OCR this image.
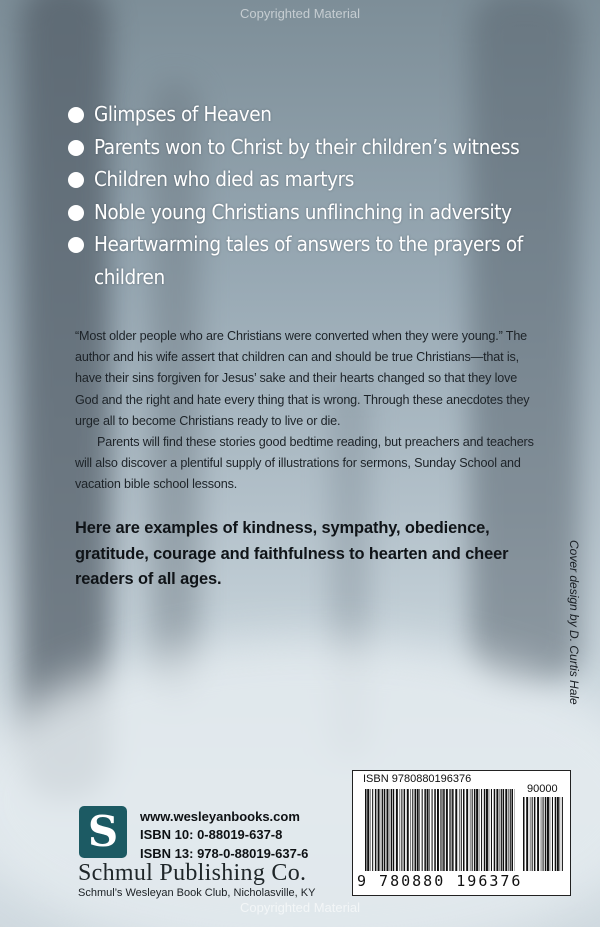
Copyrighted Material
Glimpses of Heaven
Parents won to Christ by their children’s witness
Children who died as martyrs
Noble young Christians unflinching in adversity
Heartwarming tales of answers to the prayers of children

“Most older people who are Christians were converted when they were young.” The author and his wife assert that children can and should be true Christians—that is, have their sins forgiven for Jesus’ sake and their hearts changed so that they love God and the right and hate every thing that is wrong. Through these anecdotes they urge all to become Christians ready to live or die.

Parents will find these stories good bedtime reading, but preachers and teachers will also discover a plentiful supply of illustrations for sermons, Sunday School and vacation bible school lessons.

Here are examples of kindness, sympathy, obedience, gratitude, courage and faithfulness to hearten and cheer readers of all ages.	Cover design by D. Curtis Hale
S	www.wesleyanbooks.com
ISBN 10: 0-88019-637-8
ISBN 13: 978-0-88019-637-6
Schmul Publishing Co.
Schmul’s Wesleyan Book Club, Nicholasville, KY
ISBN 9780880196376
90000
9 780880 196376
Copyrighted Material
